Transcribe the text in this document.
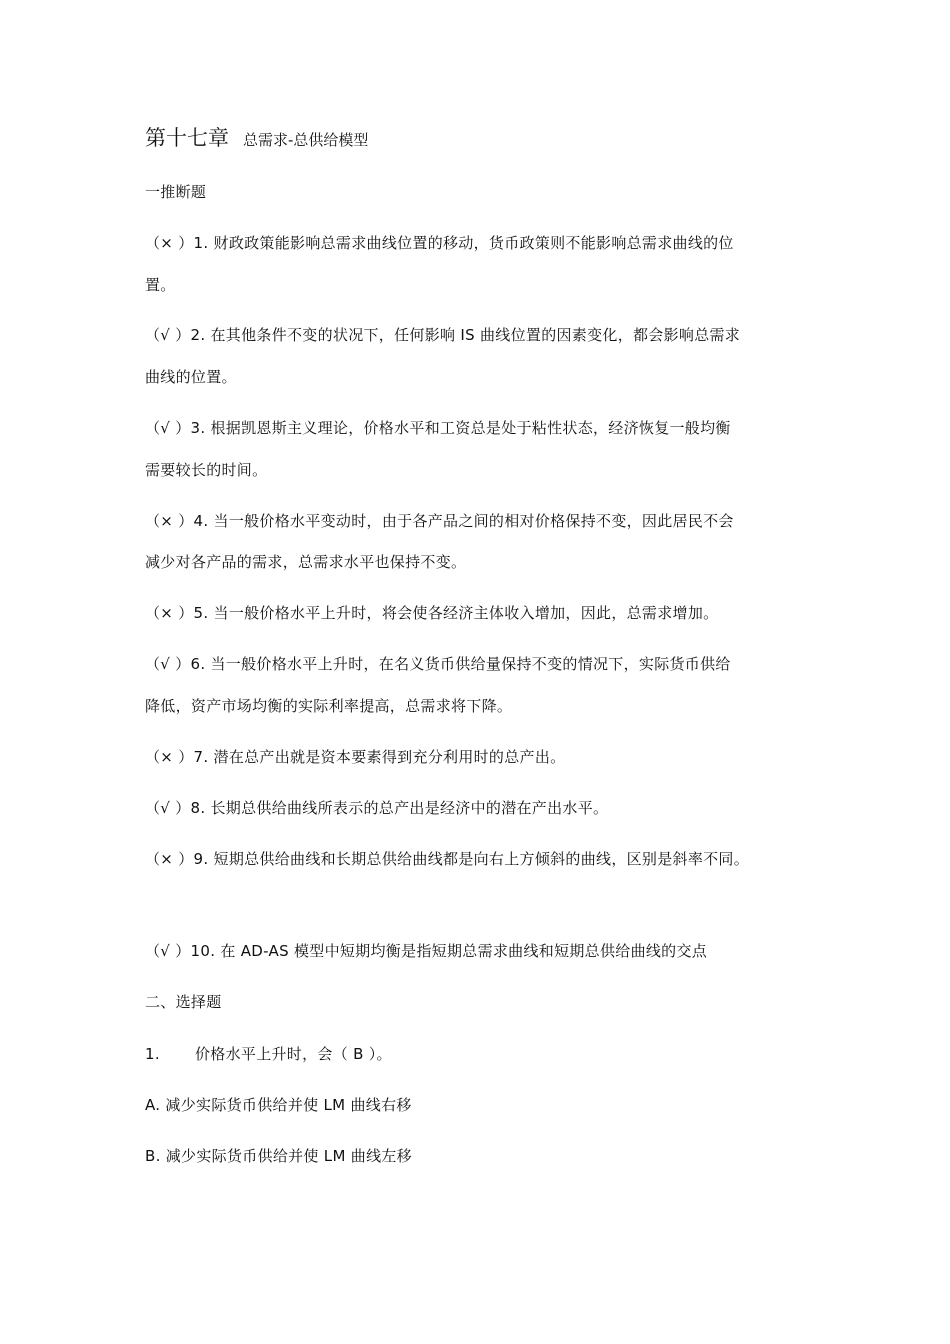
第十七章 总需求-总供给模型
一推断题
（× ）1. 财政政策能影响总需求曲线位置的移动，货币政策则不能影响总需求曲线的位
置。
（√ ）2. 在其他条件不变的状况下，任何影响 IS 曲线位置的因素变化，都会影响总需求
曲线的位置。
（√ ）3. 根据凯恩斯主义理论，价格水平和工资总是处于粘性状态，经济恢复一般均衡
需要较长的时间。
（× ）4. 当一般价格水平变动时，由于各产品之间的相对价格保持不变，因此居民不会
减少对各产品的需求，总需求水平也保持不变。
（× ）5. 当一般价格水平上升时，将会使各经济主体收入增加，因此，总需求增加。
（√ ）6. 当一般价格水平上升时，在名义货币供给量保持不变的情况下，实际货币供给
降低，资产市场均衡的实际利率提高，总需求将下降。
（× ）7. 潜在总产出就是资本要素得到充分利用时的总产出。
（√ ）8. 长期总供给曲线所表示的总产出是经济中的潜在产出水平。
（× ）9. 短期总供给曲线和长期总供给曲线都是向右上方倾斜的曲线，区别是斜率不同。
（√ ）10. 在 AD-AS 模型中短期均衡是指短期总需求曲线和短期总供给曲线的交点
二、选择题
1. 价格水平上升时，会（ B ）。
A. 减少实际货币供给并使 LM 曲线右移
B. 减少实际货币供给并使 LM 曲线左移
